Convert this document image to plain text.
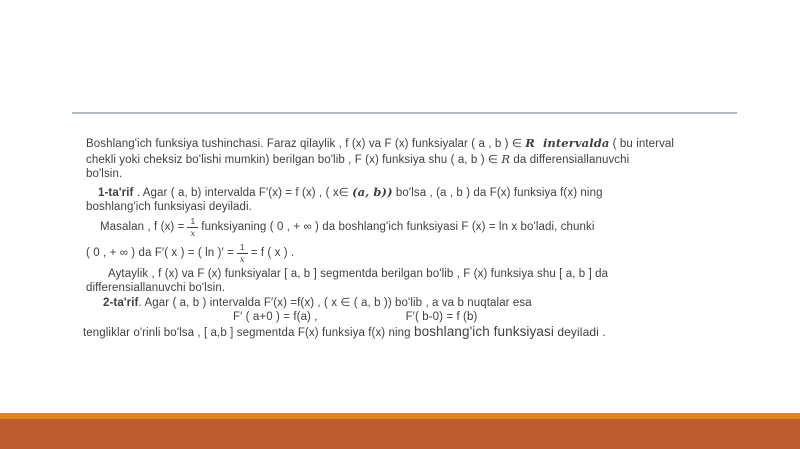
Boshlang'ich funksiya tushinchasi. Faraz qilaylik , f (x) va F (x) funksiyalar ( a , b ) ∈ R intervalda ( bu interval
chekli yoki cheksiz bo'lishi mumkin) berilgan bo'lib , F (x) funksiya shu ( a, b ) ∈ R da differensiallanuvchi
bo'lsin.
1-ta'rif . Agar ( a, b) intervalda F′(x) = f (x) , ( x∈ (a, b)) bo'lsa , (a , b ) da F(x) funksiya f(x) ning
boshlang'ich funksiyasi deyiladi.
Masalan , f $(x) = \frac{1}{x}$ funksiyaning ( 0 , + ∞ ) da boshlang'ich funksiyasi F (x) = ln x bo'ladi, chunki
( 0 , + ∞ ) da F′( x ) = ( ln )′ = $\frac{1}{x} = f$ ( x ) .
Aytaylik , f (x) va F (x) funksiyalar [ a, b ] segmentda berilgan bo'lib , F (x) funksiya shu [ a, b ] da
differensiallanuvchi bo'lsin.
2-ta'rif. Agar ( a, b ) intervalda F′(x) =f(x) , ( x ∈ ( a, b )) bo'lib , a va b nuqtalar esa
F′ ( a+0 ) = f(a) ,	F′( b-0) = f (b)
tengliklar o'rinli bo'lsa , [ a,b ] segmentda F(x) funksiya f(x) ning boshlang'ich funksiyasi deyiladi .
